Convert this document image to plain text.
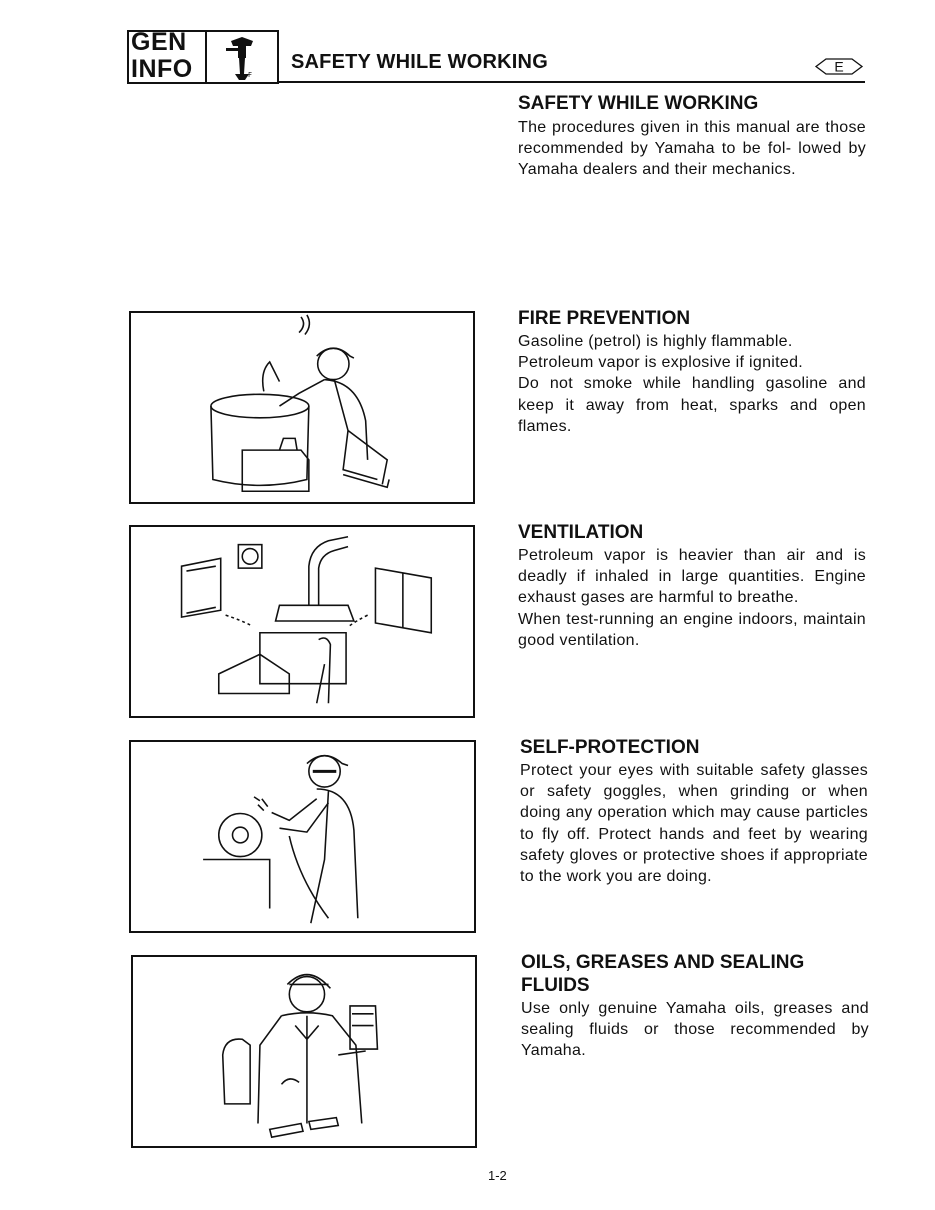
GEN
INFO	F
SAFETY WHILE WORKING	E
SAFETY WHILE WORKING
The procedures given in this manual are those recommended by Yamaha to be fol- lowed by Yamaha dealers and their mechanics.
FIRE PREVENTION

Gasoline (petrol) is highly flammable.

Petroleum vapor is explosive if ignited.

Do not smoke while handling gasoline and keep it away from heat, sparks and open flames.

VENTILATION

Petroleum vapor is heavier than air and is deadly if inhaled in large quantities. Engine exhaust gases are harmful to breathe.

When test-running an engine indoors, maintain good ventilation.

SELF-PROTECTION

Protect your eyes with suitable safety glasses or safety goggles, when grinding or when doing any operation which may cause particles to fly off. Protect hands and feet by wearing safety gloves or protective shoes if appropriate to the work you are doing.

OILS, GREASES AND SEALING
FLUIDS

Use only genuine Yamaha oils, greases and sealing fluids or those recommended by Yamaha.

1-2
